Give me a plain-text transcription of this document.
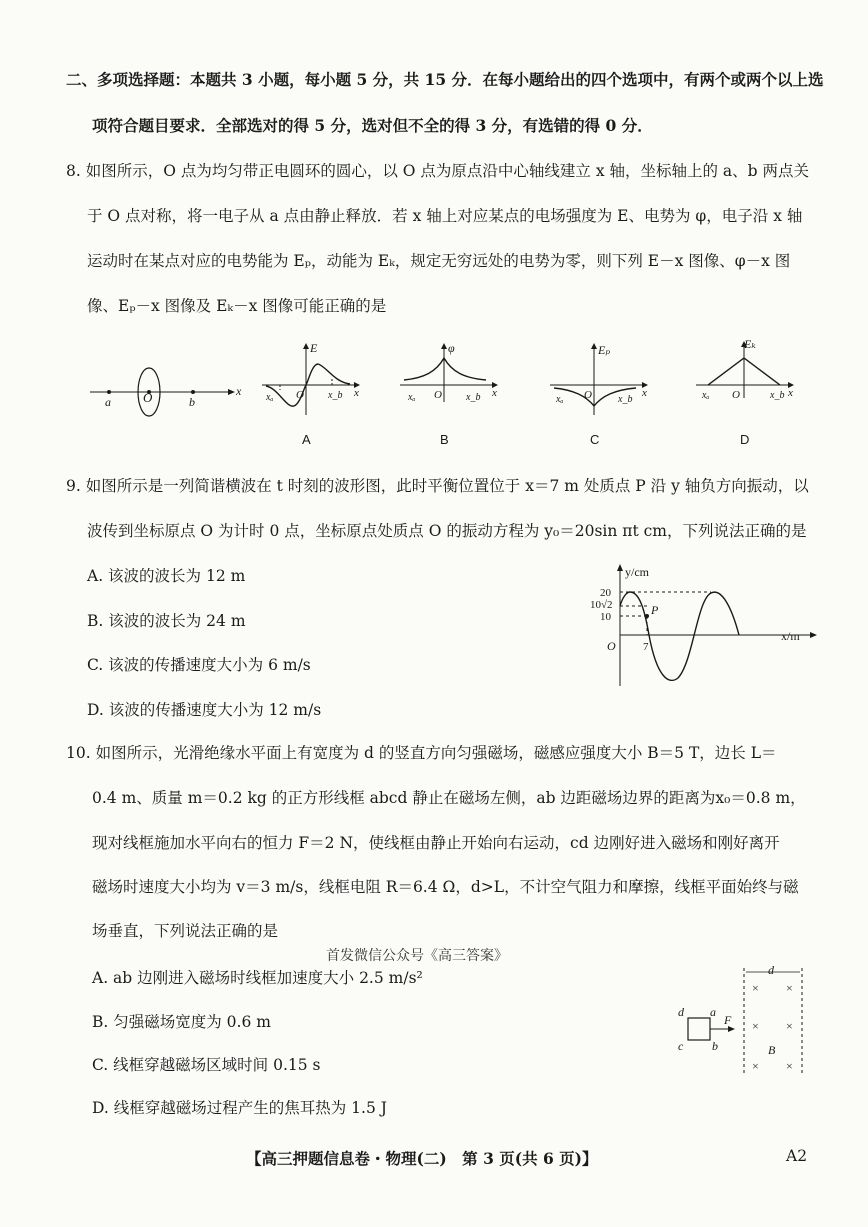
二、多项选择题：本题共 3 小题，每小题 5 分，共 15 分．在每小题给出的四个选项中，有两个或两个以上选
项符合题目要求．全部选对的得 5 分，选对但不全的得 3 分，有选错的得 0 分．
8. 如图所示，O 点为均匀带正电圆环的圆心，以 O 点为原点沿中心轴线建立 x 轴，坐标轴上的 a、b 两点关
于 O 点对称，将一电子从 a 点由静止释放．若 x 轴上对应某点的电场强度为 E、电势为 φ，电子沿 x 轴
运动时在某点对应的电势能为 Eₚ，动能为 Eₖ，规定无穷远处的电势为零，则下列 E－x 图像、φ－x 图
像、Eₚ－x 图像及 Eₖ－x 图像可能正确的是
a O	b
x
E
xₐ O x_b x
A
φ
xₐ O x_b x
B
Eₚ
xₐ O	x_b
x
C
Eₖ
xₐ O	x_b x
D
9. 如图所示是一列简谐横波在 t 时刻的波形图，此时平衡位置位于 x＝7 m 处质点 P 沿 y 轴负方向振动，以
波传到坐标原点 O 为计时 0 点，坐标原点处质点 O 的振动方程为 y₀＝20sin πt cm，下列说法正确的是
A. 该波的波长为 12 m
B. 该波的波长为 24 m
C. 该波的传播速度大小为 6 m/s
D. 该波的传播速度大小为 12 m/s
y/cm
x/m
20
10√2
10
O 7
P
10. 如图所示，光滑绝缘水平面上有宽度为 d 的竖直方向匀强磁场，磁感应强度大小 B＝5 T，边长 L＝
0.4 m、质量 m＝0.2 kg 的正方形线框 abcd 静止在磁场左侧，ab 边距磁场边界的距离为x₀＝0.8 m，
现对线框施加水平向右的恒力 F＝2 N，使线框由静止开始向右运动，cd 边刚好进入磁场和刚好离开
磁场时速度大小均为 v＝3 m/s，线框电阻 R＝6.4 Ω，d>L，不计空气阻力和摩擦，线框平面始终与磁
场垂直，下列说法正确的是
首发微信公众号《高三答案》
A. ab 边刚进入磁场时线框加速度大小 2.5 m/s²
B. 匀强磁场宽度为 0.6 m
C. 线框穿越磁场区域时间 0.15 s
D. 线框穿越磁场过程产生的焦耳热为 1.5 J
d
d a
c b
F
B
× ×
× ×
× ×
【高三押题信息卷・物理(二)　第 3 页(共 6 页)】	A2
